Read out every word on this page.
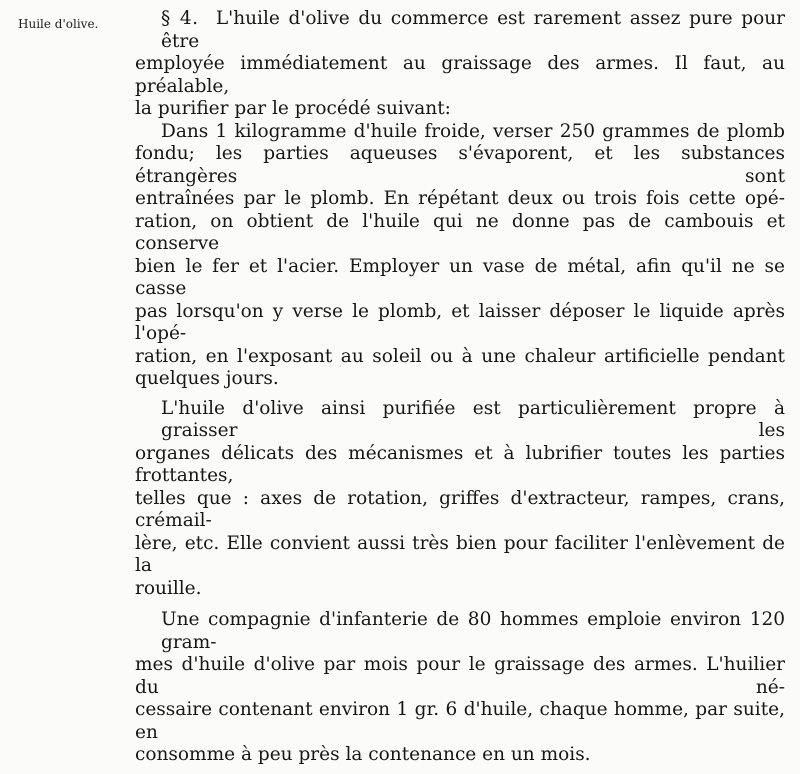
Huile d'olive.	§ 4. L'huile d'olive du commerce est rarement assez pure pour être
employée immédiatement au graissage des armes. Il faut, au préalable,
la purifier par le procédé suivant:
Dans 1 kilogramme d'huile froide, verser 250 grammes de plomb
fondu; les parties aqueuses s'évaporent, et les substances étrangères sont
entraînées par le plomb. En répétant deux ou trois fois cette opé-
ration, on obtient de l'huile qui ne donne pas de cambouis et conserve
bien le fer et l'acier. Employer un vase de métal, afin qu'il ne se casse
pas lorsqu'on y verse le plomb, et laisser déposer le liquide après l'opé-
ration, en l'exposant au soleil ou à une chaleur artificielle pendant
quelques jours.
L'huile d'olive ainsi purifiée est particulièrement propre à graisser les
organes délicats des mécanismes et à lubrifier toutes les parties frottantes,
telles que : axes de rotation, griffes d'extracteur, rampes, crans, crémail-
lère, etc. Elle convient aussi très bien pour faciliter l'enlèvement de la
rouille.
Une compagnie d'infanterie de 80 hommes emploie environ 120 gram-
mes d'huile d'olive par mois pour le graissage des armes. L'huilier du né-
cessaire contenant environ 1 gr. 6 d'huile, chaque homme, par suite, en
consomme à peu près la contenance en un mois.
